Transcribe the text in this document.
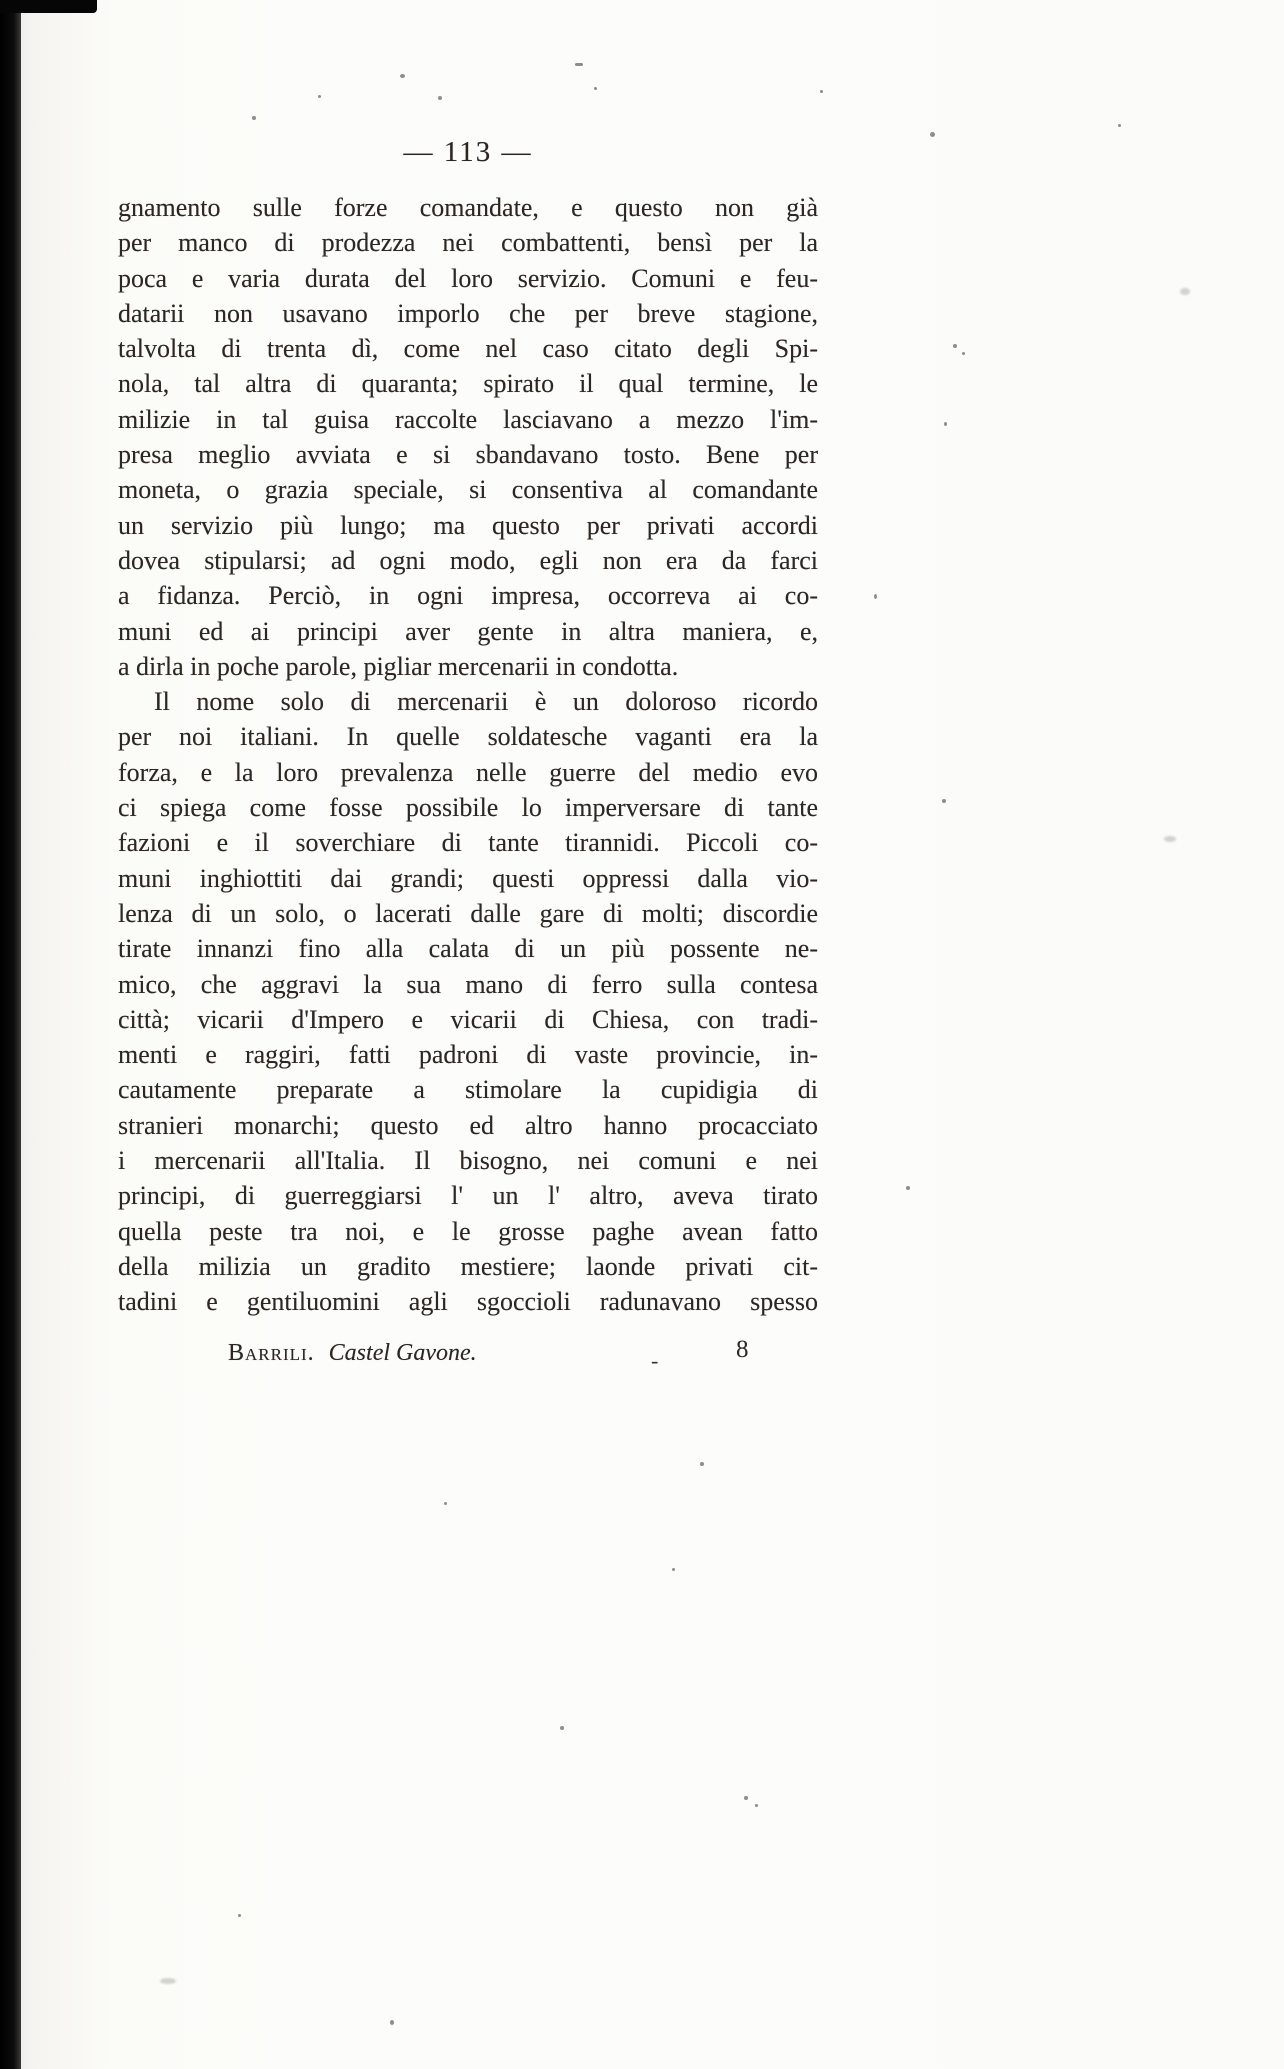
— 113 —
gnamento sulle forze comandate, e questo non già
per manco di prodezza nei combattenti, bensì per la
poca e varia durata del loro servizio. Comuni e feu-
datarii non usavano imporlo che per breve stagione,
talvolta di trenta dì, come nel caso citato degli Spi-
nola, tal altra di quaranta; spirato il qual termine, le
milizie in tal guisa raccolte lasciavano a mezzo l'im-
presa meglio avviata e si sbandavano tosto. Bene per
moneta, o grazia speciale, si consentiva al comandante
un servizio più lungo; ma questo per privati accordi
dovea stipularsi; ad ogni modo, egli non era da farci
a fidanza. Perciò, in ogni impresa, occorreva ai co-
muni ed ai principi aver gente in altra maniera, e,
a dirla in poche parole, pigliar mercenarii in condotta.
Il nome solo di mercenarii è un doloroso ricordo
per noi italiani. In quelle soldatesche vaganti era la
forza, e la loro prevalenza nelle guerre del medio evo
ci spiega come fosse possibile lo imperversare di tante
fazioni e il soverchiare di tante tirannidi. Piccoli co-
muni inghiottiti dai grandi; questi oppressi dalla vio-
lenza di un solo, o lacerati dalle gare di molti; discordie
tirate innanzi fino alla calata di un più possente ne-
mico, che aggravi la sua mano di ferro sulla contesa
città; vicarii d'Impero e vicarii di Chiesa, con tradi-
menti e raggiri, fatti padroni di vaste provincie, in-
cautamente preparate a stimolare la cupidigia di
stranieri monarchi; questo ed altro hanno procacciato
i mercenarii all'Italia. Il bisogno, nei comuni e nei
principi, di guerreggiarsi l' un l' altro, aveva tirato
quella peste tra noi, e le grosse paghe avean fatto
della milizia un gradito mestiere; laonde privati cit-
tadini e gentiluomini agli sgoccioli radunavano spesso
Barrili. Castel Gavone.	-	8
